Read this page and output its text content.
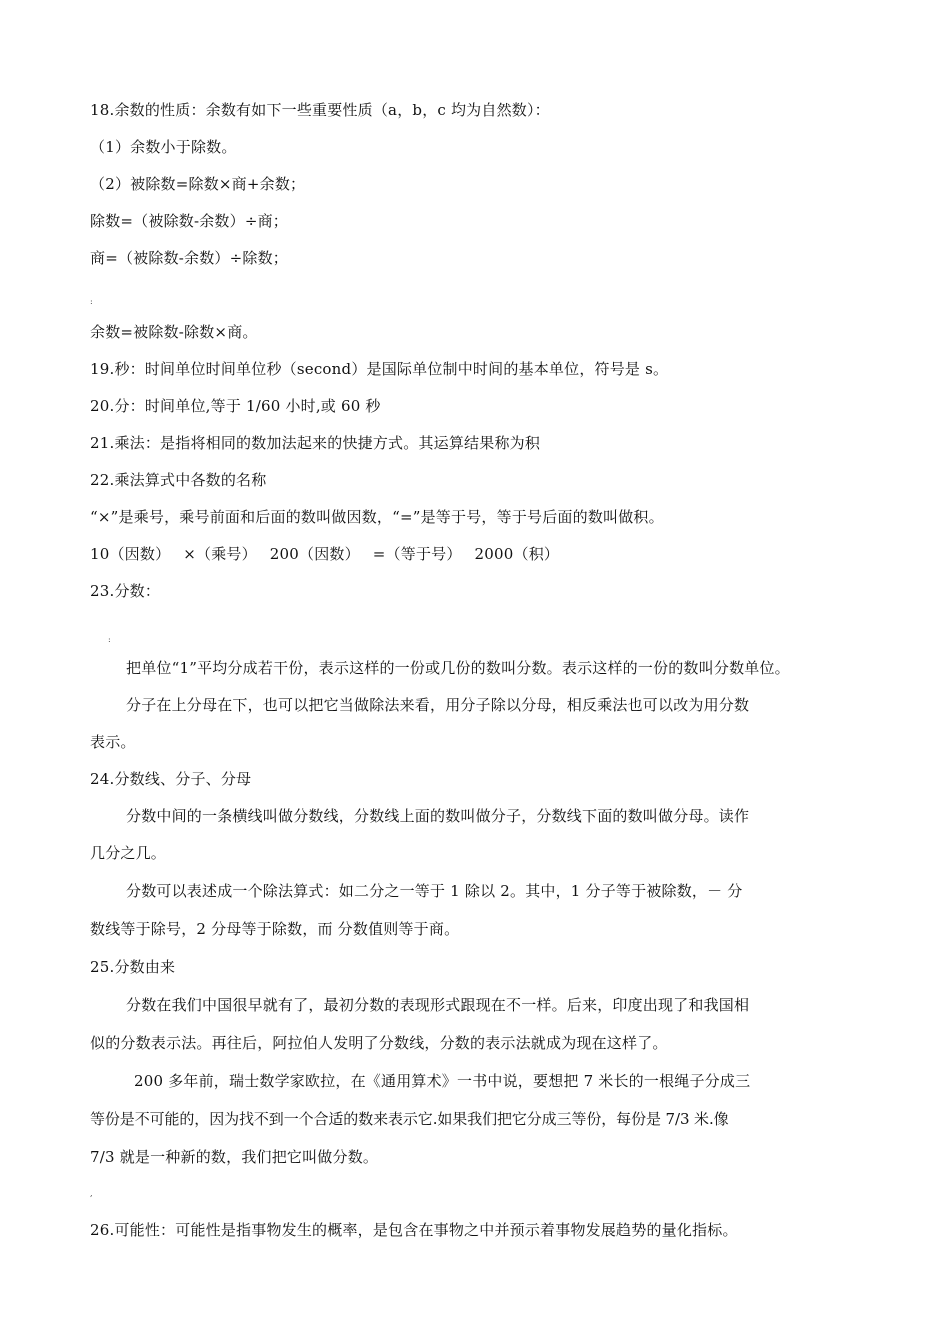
18.余数的性质：余数有如下一些重要性质（a，b，c 均为自然数）：
（1）余数小于除数。
（2）被除数=除数×商+余数；
除数=（被除数-余数）÷商；
商=（被除数-余数）÷除数；
:
余数=被除数-除数×商。
19.秒：时间单位时间单位秒（second）是国际单位制中时间的基本单位，符号是 s。
20.分：时间单位,等于 1/60 小时,或 60 秒
21.乘法：是指将相同的数加法起来的快捷方式。其运算结果称为积
22.乘法算式中各数的名称
“×”是乘号，乘号前面和后面的数叫做因数，“=”是等于号，等于号后面的数叫做积。
10（因数） ×（乘号） 200（因数） =（等于号） 2000（积）
23.分数：
:
把单位“1”平均分成若干份，表示这样的一份或几份的数叫分数。表示这样的一份的数叫分数单位。
分子在上分母在下，也可以把它当做除法来看，用分子除以分母，相反乘法也可以改为用分数
表示。
24.分数线、分子、分母
分数中间的一条横线叫做分数线，分数线上面的数叫做分子，分数线下面的数叫做分母。读作
几分之几。
分数可以表述成一个除法算式：如二分之一等于 1 除以 2。其中，1 分子等于被除数，－ 分
数线等于除号，2 分母等于除数，而 分数值则等于商。
25.分数由来
分数在我们中国很早就有了，最初分数的表现形式跟现在不一样。后来，印度出现了和我国相
似的分数表示法。再往后，阿拉伯人发明了分数线，分数的表示法就成为现在这样了。
200 多年前，瑞士数学家欧拉，在《通用算术》一书中说，要想把 7 米长的一根绳子分成三
等份是不可能的，因为找不到一个合适的数来表示它.如果我们把它分成三等份，每份是 7/3 米.像
7/3 就是一种新的数，我们把它叫做分数。
,
26.可能性：可能性是指事物发生的概率，是包含在事物之中并预示着事物发展趋势的量化指标。
